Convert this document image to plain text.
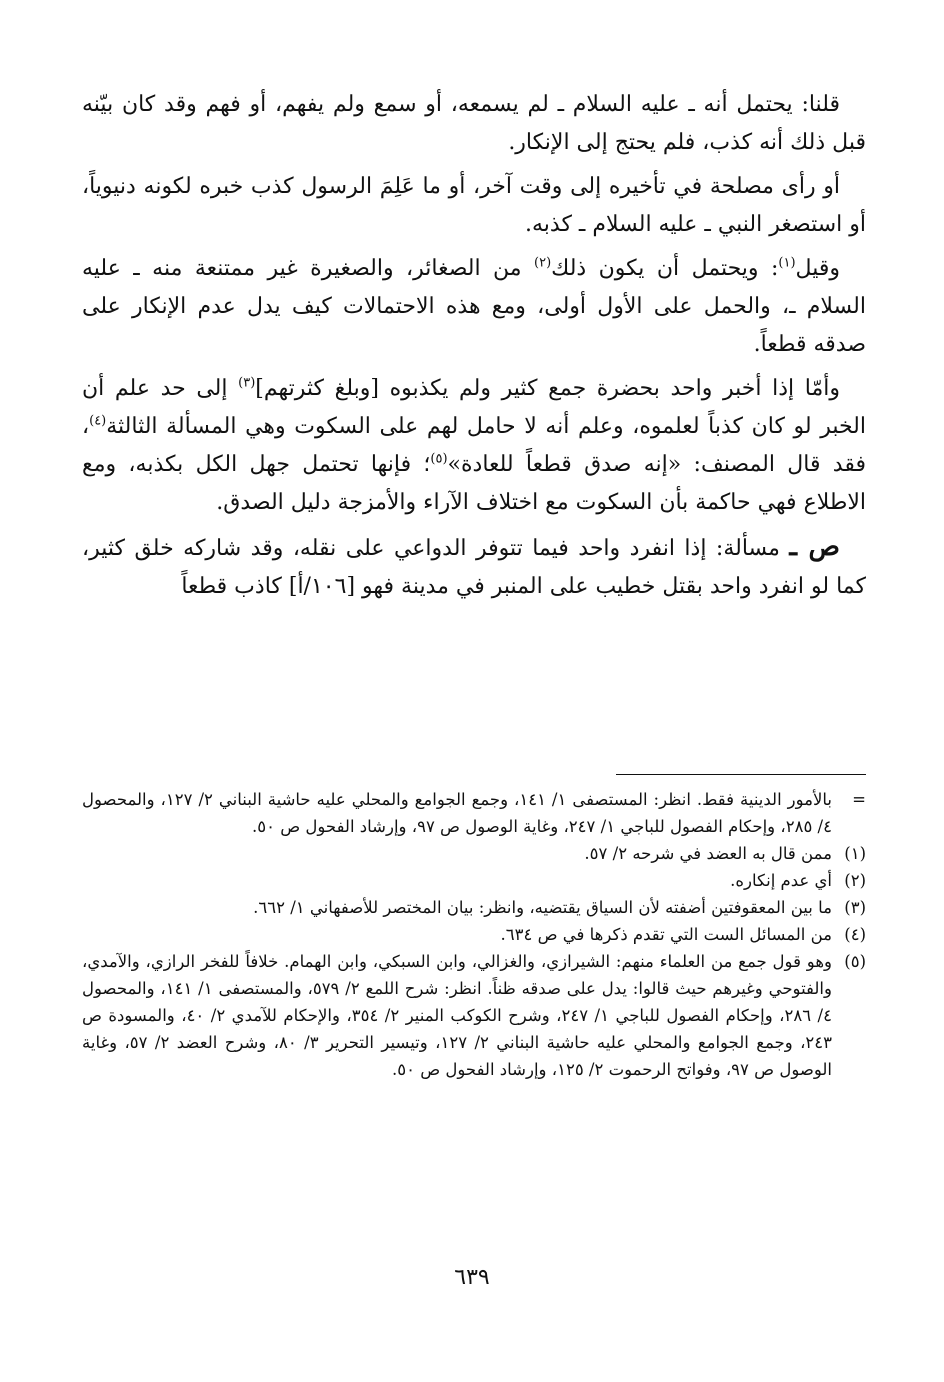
قلنا: يحتمل أنه ـ عليه السلام ـ لم يسمعه، أو سمع ولم يفهم، أو فهم وقد كان بيّنه قبل ذلك أنه كذب، فلم يحتج إلى الإنكار.

أو رأى مصلحة في تأخيره إلى وقت آخر، أو ما عَلِمَ الرسول كذب خبره لكونه دنيوياً، أو استصغر النبي ـ عليه السلام ـ كذبه.

وقيل$^{(١)}$: ويحتمل أن يكون ذلك$^{(٢)}$ من الصغائر، والصغيرة غير ممتنعة منه ـ عليه السلام ـ، والحمل على الأول أولى، ومع هذه الاحتمالات كيف يدل عدم الإنكار على صدقه قطعاً.

وأمّا إذا أخبر واحد بحضرة جمع كثير ولم يكذبوه [وبلغ كثرتهم]$^{(٣)}$ إلى حد علم أن الخبر لو كان كذباً لعلموه، وعلم أنه لا حامل لهم على السكوت وهي المسألة الثالثة$^{(٤)}$، فقد قال المصنف: «إنه صدق قطعاً للعادة»$^{(٥)}$؛ فإنها تحتمل جهل الكل بكذبه، ومع الاطلاع فهي حاكمة بأن السكوت مع اختلاف الآراء والأمزجة دليل الصدق.

ص ـ مسألة: إذا انفرد واحد فيما تتوفر الدواعي على نقله، وقد شاركه خلق كثير، كما لو انفرد واحد بقتل خطيب على المنبر في مدينة فهو [١٠٦/أ] كاذب قطعاً

=
بالأمور الدينية فقط. انظر: المستصفى ١/ ١٤١، وجمع الجوامع والمحلي عليه حاشية البناني ٢/ ١٢٧، والمحصول ٤/ ٢٨٥، وإحكام الفصول للباجي ١/ ٢٤٧، وغاية الوصول ص ٩٧، وإرشاد الفحول ص ٥٠.
(١)
ممن قال به العضد في شرحه ٢/ ٥٧.
(٢)
أي عدم إنكاره.
(٣)
ما بين المعقوفتين أضفته لأن السياق يقتضيه، وانظر: بيان المختصر للأصفهاني ١/ ٦٦٢.
(٤)
من المسائل الست التي تقدم ذكرها في ص ٦٣٤.
(٥)
وهو قول جمع من العلماء منهم: الشيرازي، والغزالي، وابن السبكي، وابن الهمام. خلافاً للفخر الرازي، والآمدي، والفتوحي وغيرهم حيث قالوا: يدل على صدقه ظناً. انظر: شرح اللمع ٢/ ٥٧٩، والمستصفى ١/ ١٤١، والمحصول ٤/ ٢٨٦، وإحكام الفصول للباجي ١/ ٢٤٧، وشرح الكوكب المنير ٢/ ٣٥٤، والإحكام للآمدي ٢/ ٤٠، والمسودة ص ٢٤٣، وجمع الجوامع والمحلي عليه حاشية البناني ٢/ ١٢٧، وتيسير التحرير ٣/ ٨٠، وشرح العضد ٢/ ٥٧، وغاية الوصول ص ٩٧، وفواتح الرحموت ٢/ ١٢٥، وإرشاد الفحول ص ٥٠.
٦٣٩
